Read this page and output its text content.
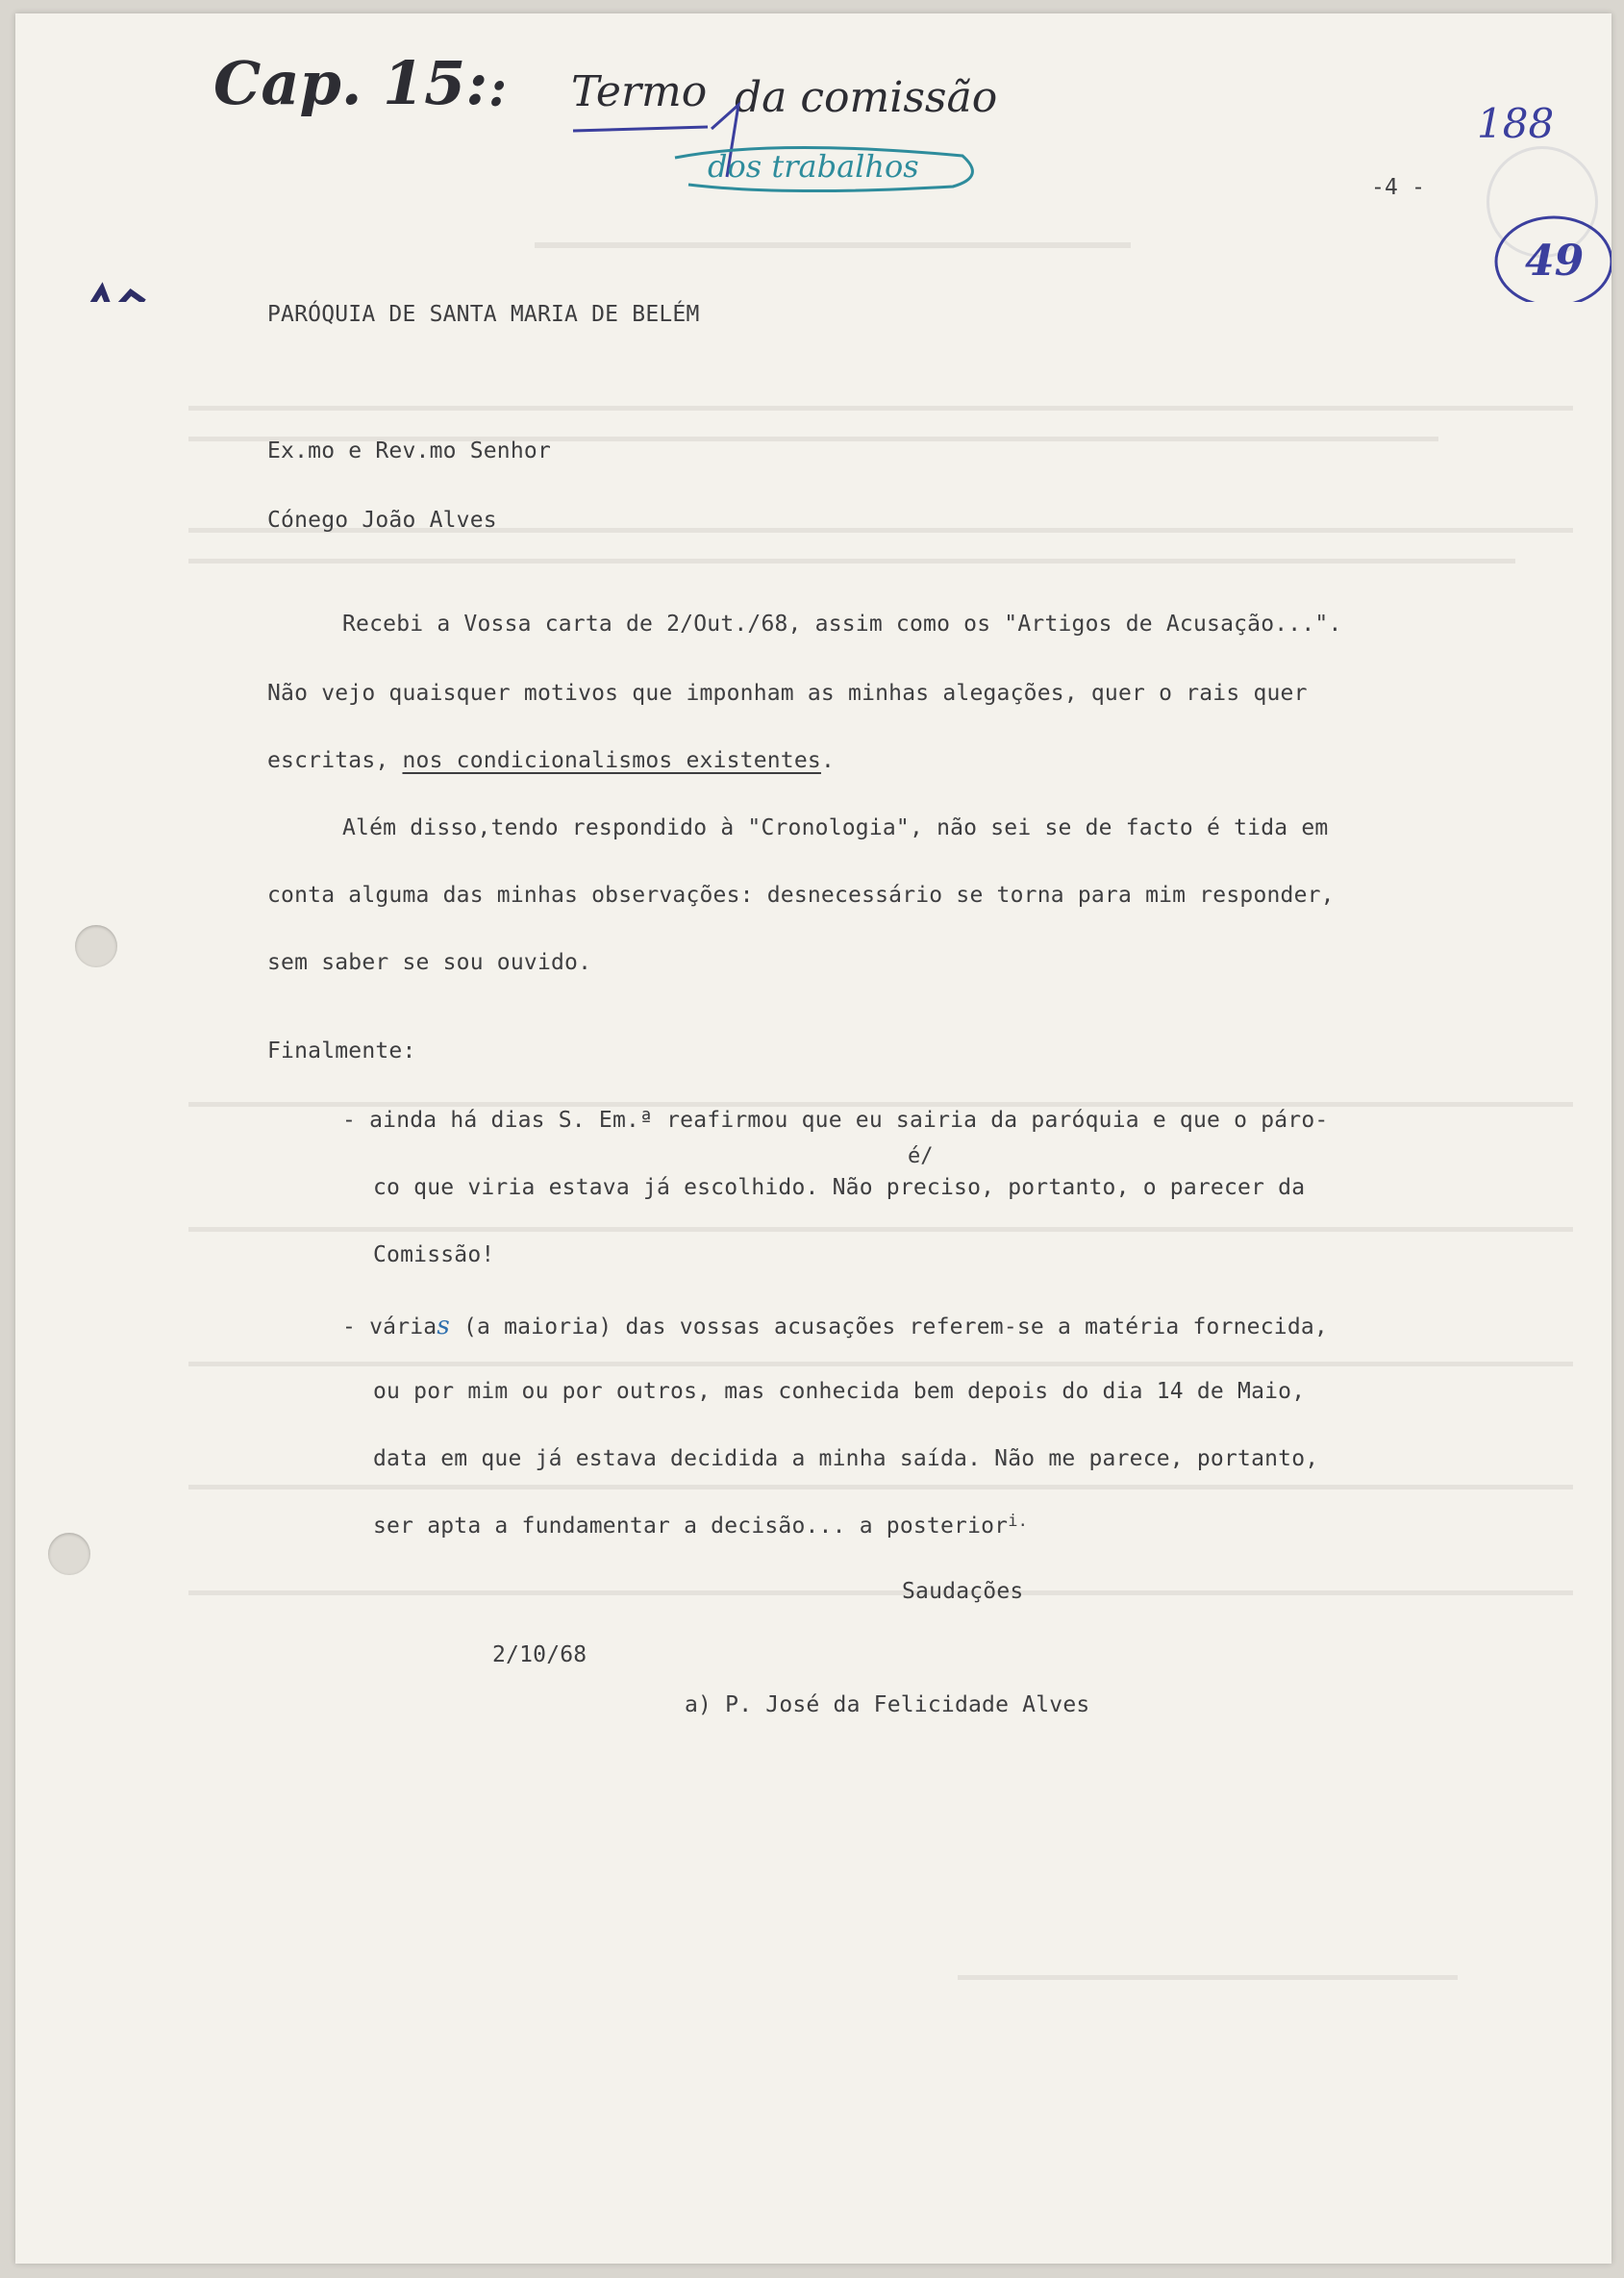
Cap. 15: : Termo da comissão
dos trabalhos
188
49
-4 -
PARÓQUIA DE SANTA MARIA DE BELÉM
Ex.mo e Rev.mo Senhor
Cónego João Alves
Recebi a Vossa carta de 2/Out./68, assim como os "Artigos de Acusação...".
Não vejo quaisquer motivos que imponham as minhas alegações, quer o rais quer
escritas, nos condicionalismos existentes.
Além disso,tendo respondido à "Cronologia", não sei se de facto é tida em
conta alguma das minhas observações: desnecessário se torna para mim responder,
sem saber se sou ouvido.
Finalmente:
- ainda há dias S. Em.ª reafirmou que eu sairia da paróquia e que o páro-
é/
co que viria estava já escolhido. Não preciso, portanto, o parecer da
Comissão!
- várias (a maioria) das vossas acusações referem-se a matéria fornecida,
ou por mim ou por outros, mas conhecida bem depois do dia 14 de Maio,
data em que já estava decidida a minha saída. Não me parece, portanto,
ser apta a fundamentar a decisão... a posterior$^{i.}$
Saudações
2/10/68
a) P. José da Felicidade Alves
